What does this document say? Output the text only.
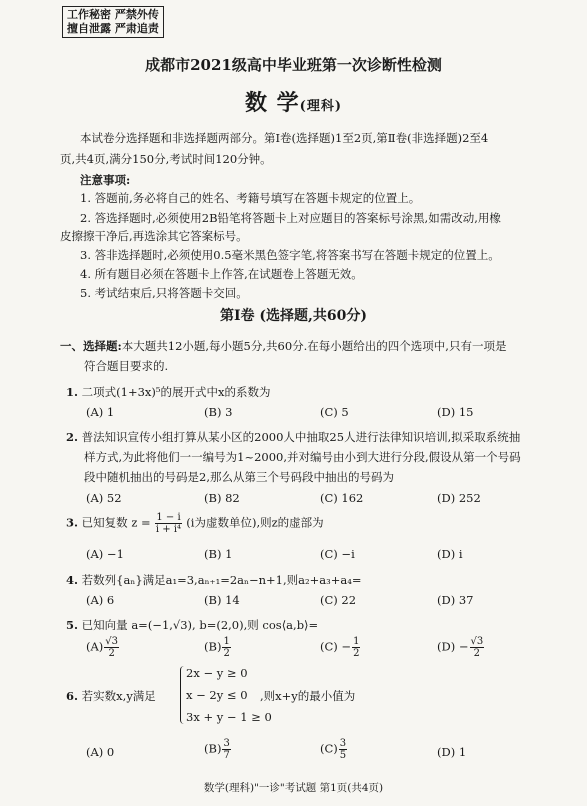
工作秘密 严禁外传
擅自泄露 严肃追责
成都市2021级高中毕业班第一次诊断性检测
数 学(理科)
本试卷分选择题和非选择题两部分。第Ⅰ卷(选择题)1至2页,第Ⅱ卷(非选择题)2至4
页,共4页,满分150分,考试时间120分钟。
注意事项:
1. 答题前,务必将自己的姓名、考籍号填写在答题卡规定的位置上。
2. 答选择题时,必须使用2B铅笔将答题卡上对应题目的答案标号涂黑,如需改动,用橡
皮擦擦干净后,再选涂其它答案标号。
3. 答非选择题时,必须使用0.5毫米黑色签字笔,将答案书写在答题卡规定的位置上。
4. 所有题目必须在答题卡上作答,在试题卷上答题无效。
5. 考试结束后,只将答题卡交回。
第Ⅰ卷 (选择题,共60分)
一、选择题:本大题共12小题,每小题5分,共60分.在每小题给出的四个选项中,只有一项是
符合题目要求的.
1. 二项式(1+3x)⁵的展开式中x的系数为
(A) 1	(B) 3	(C) 5	(D) 15
2. 普法知识宣传小组打算从某小区的2000人中抽取25人进行法律知识培训,拟采取系统抽
样方式,为此将他们一一编号为1~2000,并对编号由小到大进行分段,假设从第一个号码
段中随机抽出的号码是2,那么从第三个号码段中抽出的号码为
(A) 52	(B) 82	(C) 162	(D) 252
3. 已知复数 $z = \frac{1 - i}{\text{i + i⁴}} (i$为虚数单位),则z的虚部为
(A) −1	(B) 1	(C) −i	(D) i
4. 若数列{aₙ}满足a₁=3,aₙ₊₁=2aₙ−n+1,则a₂+a₃+a₄=
(A) 6	(B) 14	(C) 22	(D) 37
5. 已知向量 a=(−1,√3), b=(2,0),则 cos⟨a,b⟩=
$(A) \frac{√3}{2}$	$(B) \frac{1}{2}$	$(C) - \frac{1}{2}$	$(D) - \frac{√3}{2}$
6. 若实数x,y满足
2x − y ≥ 0
x − 2y ≤ 0
3x + y − 1 ≥ 0
,则x+y的最小值为
(A) 0	$(B) \frac{3}{7}$	$(C) \frac{3}{5}$	(D) 1
数学(理科)"一诊"考试题 第1页(共4页)
